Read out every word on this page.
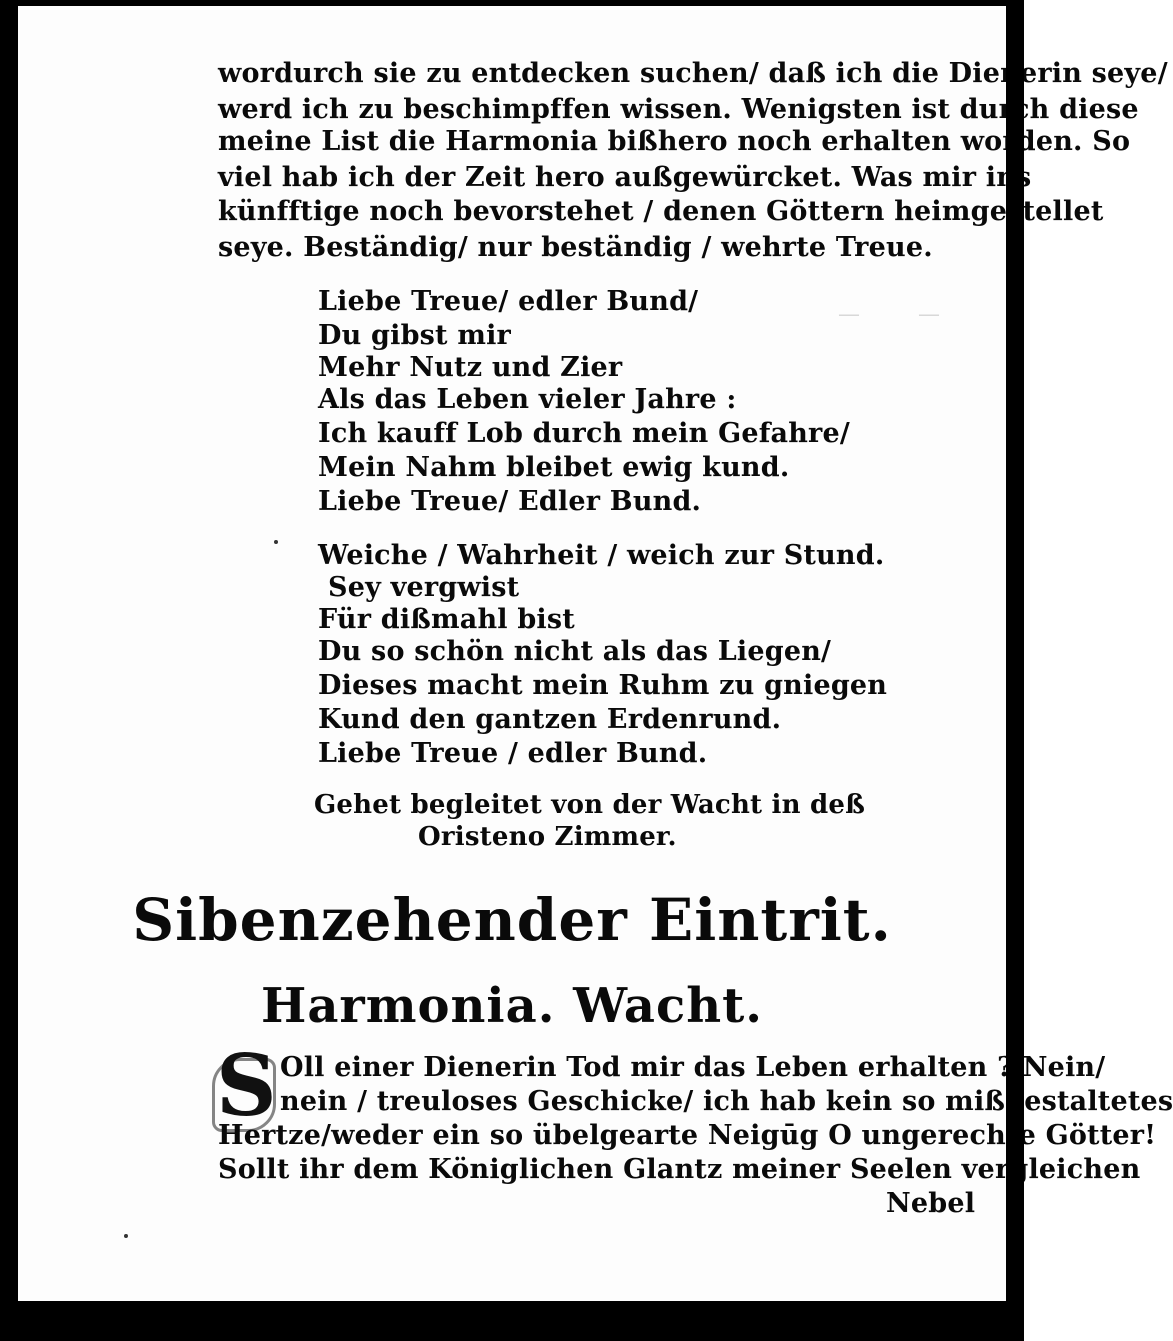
—	—
wordurch sie zu entdecken suchen/ daß ich die Dienerin seye/
werd ich zu beschimpffen wissen. Wenigsten ist durch diese
meine List die Harmonia bißhero noch erhalten worden. So
viel hab ich der Zeit hero außgewürcket. Was mir ins
künfftige noch bevorstehet / denen Göttern heimgestellet
seye. Beständig/ nur beständig / wehrte Treue.
Liebe Treue/ edler Bund/
Du gibst mir
Mehr Nutz und Zier
Als das Leben vieler Jahre :
Ich kauff Lob durch mein Gefahre/
Mein Nahm bleibet ewig kund.
Liebe Treue/ Edler Bund.
Weiche / Wahrheit / weich zur Stund.
Sey vergwist
Für dißmahl bist
Du so schön nicht als das Liegen/
Dieses macht mein Ruhm zu gniegen
Kund den gantzen Erdenrund.
Liebe Treue / edler Bund.
Gehet begleitet von der Wacht in deß
Oristeno Zimmer.
Sibenzehender Eintrit.
Harmonia. Wacht.
S Oll einer Dienerin Tod mir das Leben erhalten ? Nein/
nein / treuloses Geschicke/ ich hab kein so mißgestaltetes
Hertze/weder ein so übelgearte Neigūg O ungerechte Götter!
Sollt ihr dem Königlichen Glantz meiner Seelen vergleichen
Nebel
